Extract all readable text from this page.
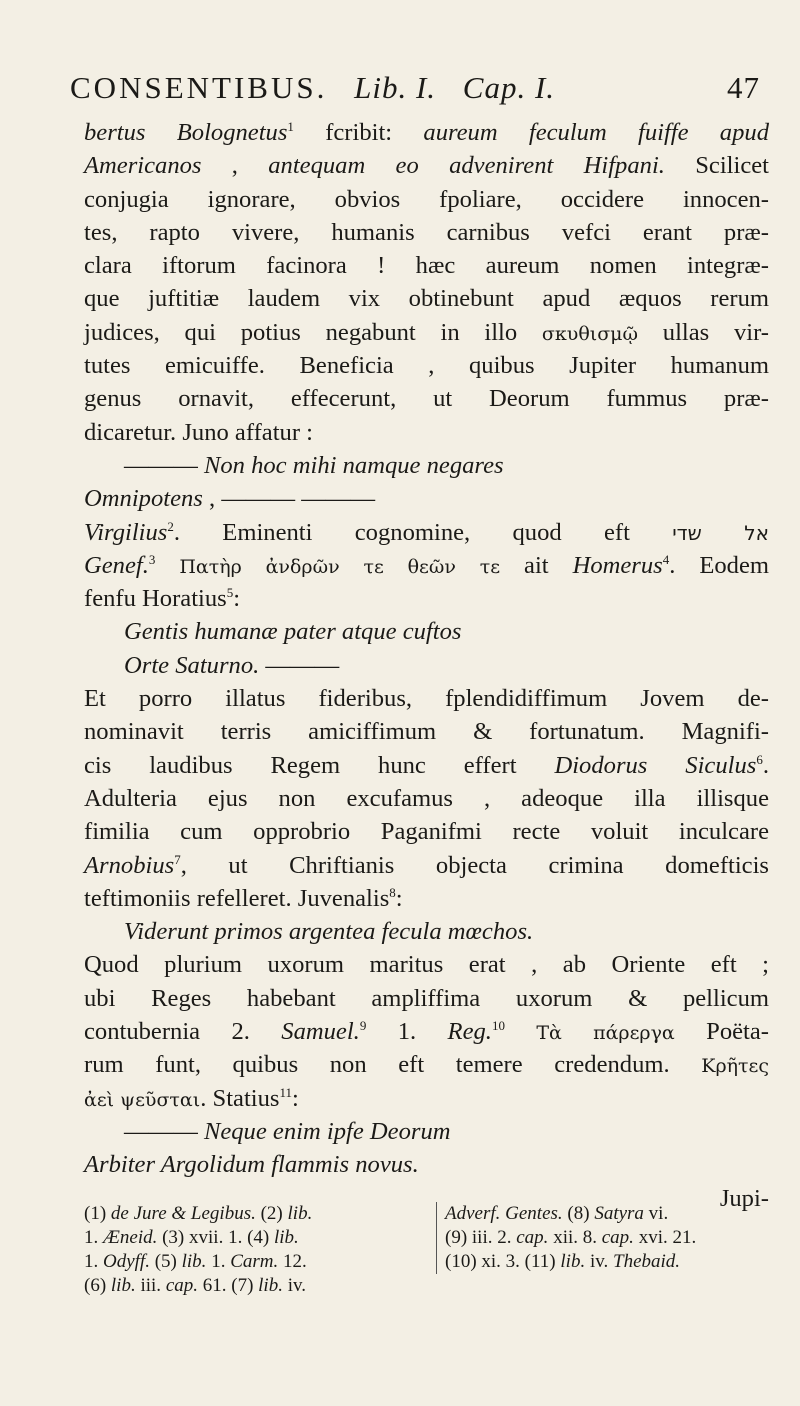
CONSENTIBUS. Lib. I. Cap. I.	47
bertus Bolognetus$^1$ fcribit: aureum feculum fuiffe apud
Americanos , antequam eo advenirent Hifpani. Scilicet
conjugia ignorare, obvios fpoliare, occidere innocen-
tes, rapto vivere, humanis carnibus vefci erant præ-
clara iftorum facinora ! hæc aureum nomen integræ-
que juftitiæ laudem vix obtinebunt apud æquos rerum
judices, qui potius negabunt in illo σκυθισμῷ ullas vir-
tutes emicuiffe. Beneficia , quibus Jupiter humanum
genus ornavit, effecerunt, ut Deorum fummus præ-
dicaretur. Juno affatur :
——— Non hoc mihi namque negares
Omnipotens , ——— ———
Virgilius$^2$. Eminenti cognomine, quod eft אל שדי
Genef.$^3$ Πατὴρ ἀνδρῶν τε θεῶν τε ait Homerus$^4$. Eodem
fenfu Horatius$^5$:
Gentis humanæ pater atque cuftos
Orte Saturno. ———
Et porro illatus fideribus, fplendidiffimum Jovem de-
nominavit terris amiciffimum & fortunatum. Magnifi-
cis laudibus Regem hunc effert Diodorus Siculus$^6$.
Adulteria ejus non excufamus , adeoque illa illisque
fimilia cum opprobrio Paganifmi recte voluit inculcare
Arnobius$^7$, ut Chriftianis objecta crimina domefticis
teftimoniis refelleret. Juvenalis$^8$:
Viderunt primos argentea fecula mœchos.
Quod plurium uxorum maritus erat , ab Oriente eft ;
ubi Reges habebant ampliffima uxorum & pellicum
contubernia 2. Samuel.$^9$ 1. Reg.$^{10}$ Τὰ πάρεργα Poëta-
rum funt, quibus non eft temere credendum. Κρῆτες
ἀεὶ ψεῦσται. Statius$^{11}$:
——— Neque enim ipfe Deorum
Arbiter Argolidum flammis novus.
Jupi-
(1) de Jure & Legibus. (2) lib.
1. Æneid. (3) xvii. 1. (4) lib.
1. Odyff. (5) lib. 1. Carm. 12.
(6) lib. iii. cap. 61. (7) lib. iv.
Adverf. Gentes. (8) Satyra vi.
(9) iii. 2. cap. xii. 8. cap. xvi. 21.
(10) xi. 3. (11) lib. iv. Thebaid.
